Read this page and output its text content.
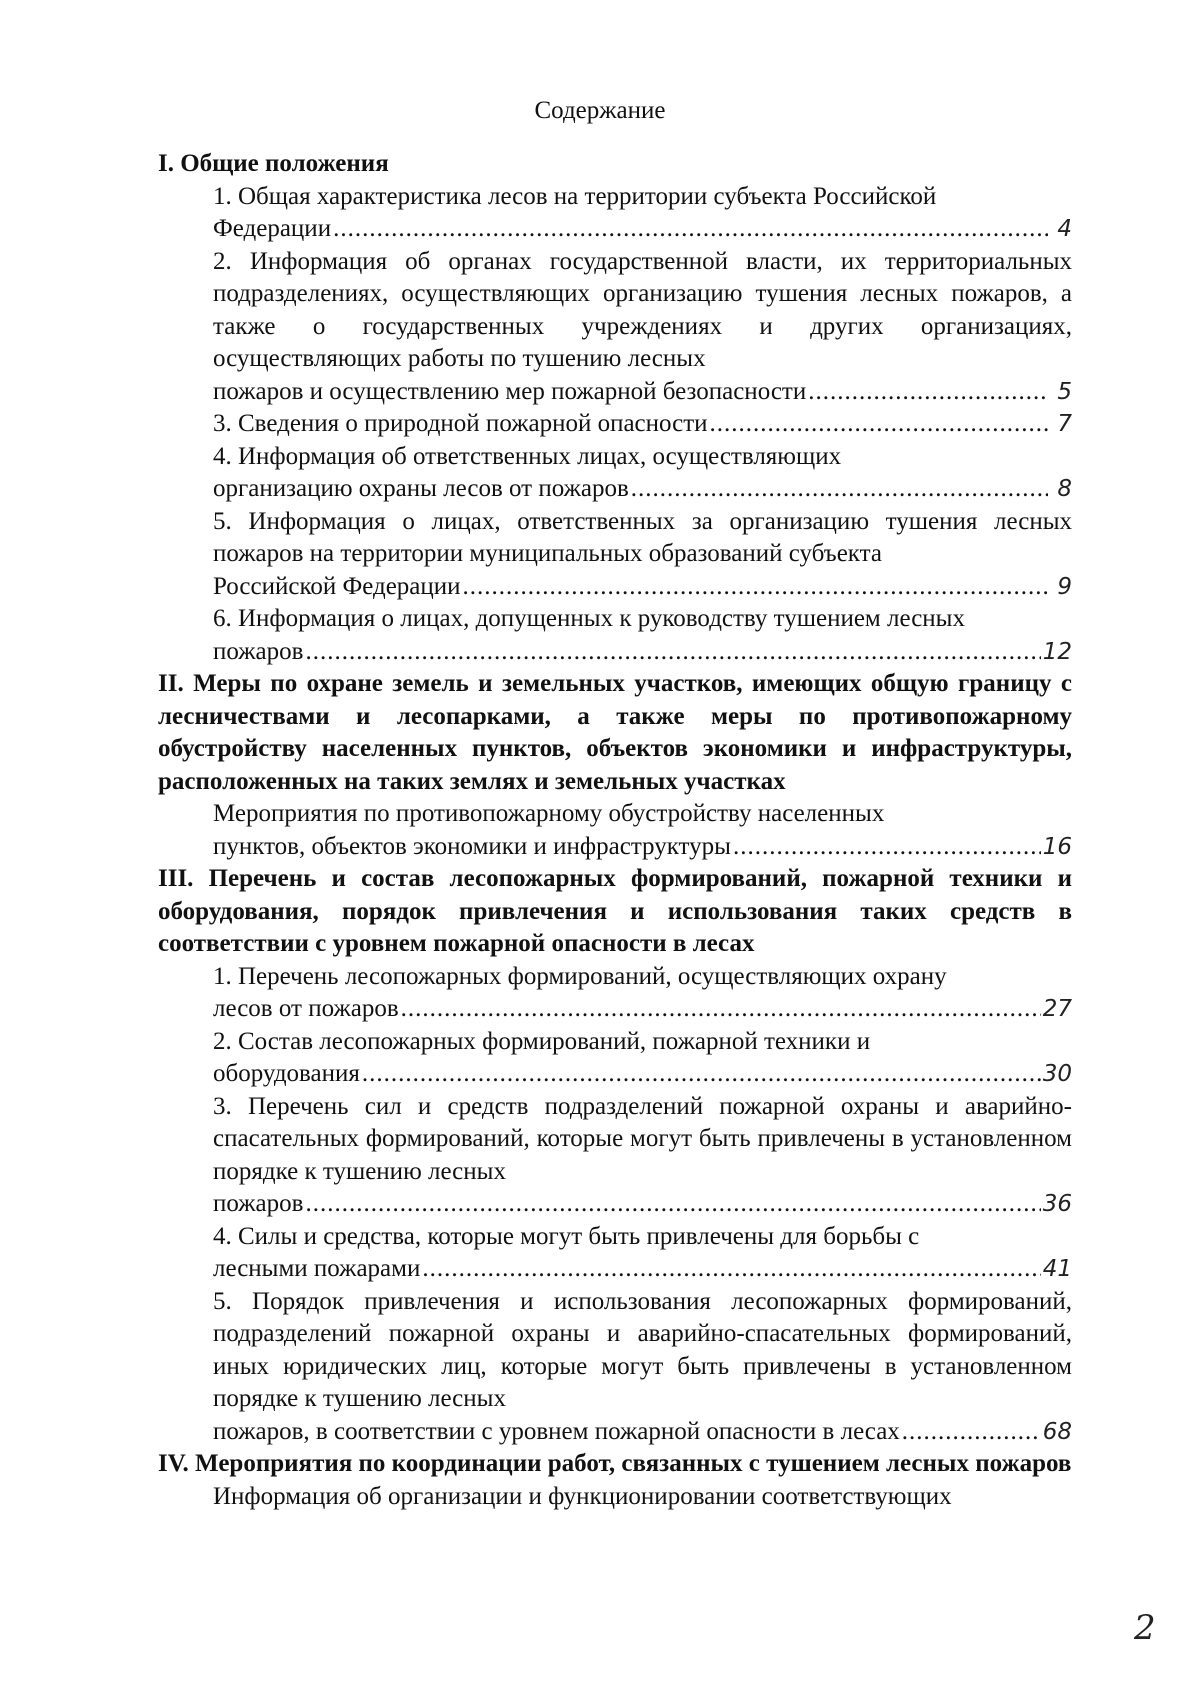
Содержание
I. Общие положения
1. Общая характеристика лесов на территории субъекта Российской
Федерации .....	4
2. Информация об органах государственной власти, их территориальных подразделениях, осуществляющих организацию тушения лесных пожаров, а также о государственных учреждениях и других организациях, осуществляющих работы по тушению лесных
пожаров и осуществлению мер пожарной безопасности .....	5
3. Сведения о природной пожарной опасности .....	7
4. Информация об ответственных лицах, осуществляющих
организацию охраны лесов от пожаров .....	8
5. Информация о лицах, ответственных за организацию тушения лесных пожаров на территории муниципальных образований субъекта
Российской Федерации .....	9
6. Информация о лицах, допущенных к руководству тушением лесных
пожаров .....	12
II. Меры по охране земель и земельных участков, имеющих общую границу с лесничествами и лесопарками, а также меры по противопожарному обустройству населенных пунктов, объектов экономики и инфраструктуры, расположенных на таких землях и земельных участках
Мероприятия по противопожарному обустройству населенных
пунктов, объектов экономики и инфраструктуры .....	16
III. Перечень и состав лесопожарных формирований, пожарной техники и оборудования, порядок привлечения и использования таких средств в соответствии с уровнем пожарной опасности в лесах
1. Перечень лесопожарных формирований, осуществляющих охрану
лесов от пожаров .....	27
2. Состав лесопожарных формирований, пожарной техники и
оборудования .....	30
3. Перечень сил и средств подразделений пожарной охраны и аварийно-спасательных формирований, которые могут быть привлечены в установленном порядке к тушению лесных
пожаров .....	36
4. Силы и средства, которые могут быть привлечены для борьбы с
лесными пожарами .....	41
5. Порядок привлечения и использования лесопожарных формирований, подразделений пожарной охраны и аварийно-спасательных формирований, иных юридических лиц, которые могут быть привлечены в установленном порядке к тушению лесных
пожаров, в соответствии с уровнем пожарной опасности в лесах .....	68
IV. Мероприятия по координации работ, связанных с тушением лесных пожаров
Информация об организации и функционировании соответствующих
2
